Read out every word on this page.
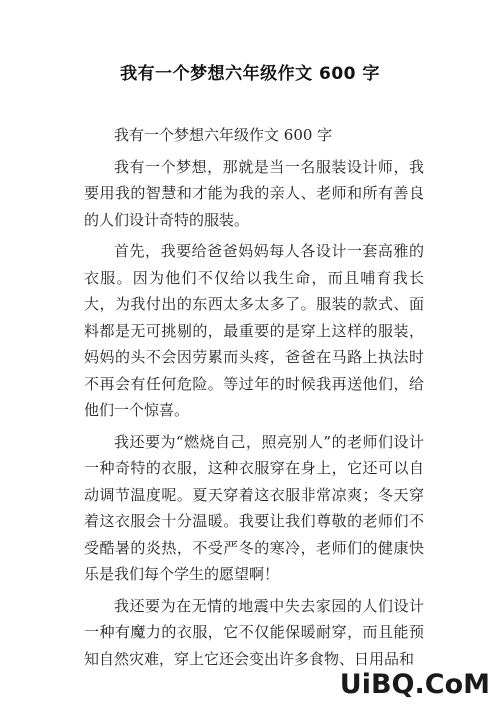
我有一个梦想六年级作文 600 字

我有一个梦想六年级作文 600 字

我有一个梦想，那就是当一名服装设计师，我要用我的智慧和才能为我的亲人、老师和所有善良的人们设计奇特的服装。

首先，我要给爸爸妈妈每人各设计一套高雅的衣服。因为他们不仅给以我生命，而且哺育我长大，为我付出的东西太多太多了。服装的款式、面料都是无可挑剔的，最重要的是穿上这样的服装，妈妈的头不会因劳累而头疼，爸爸在马路上执法时不再会有任何危险。等过年的时候我再送他们，给他们一个惊喜。

我还要为“燃烧自己，照亮别人”的老师们设计一种奇特的衣服，这种衣服穿在身上，它还可以自动调节温度呢。夏天穿着这衣服非常凉爽；冬天穿着这衣服会十分温暖。我要让我们尊敬的老师们不受酷暑的炎热，不受严冬的寒冷，老师们的健康快乐是我们每个学生的愿望啊！

我还要为在无情的地震中失去家园的人们设计一种有魔力的衣服，它不仅能保暖耐穿，而且能预知自然灾难，穿上它还会变出许多食物、日用品和

UiBQ.CoM
